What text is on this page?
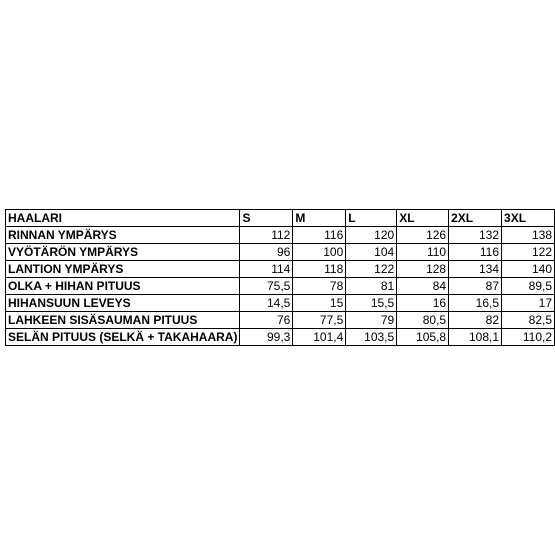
HAALARI	S	M	L	XL	2XL	3XL
RINNAN YMPÄRYS	112	116	120	126	132	138
VYÖTÄRÖN YMPÄRYS	96	100	104	110	116	122
LANTION YMPÄRYS	114	118	122	128	134	140
OLKA + HIHAN PITUUS	75,5	78	81	84	87	89,5
HIHANSUUN LEVEYS	14,5	15	15,5	16	16,5	17
LAHKEEN SISÄSAUMAN PITUUS	76	77,5	79	80,5	82	82,5
SELÄN PITUUS (SELKÄ + TAKAHAARA)	99,3	101,4	103,5	105,8	108,1	110,2
